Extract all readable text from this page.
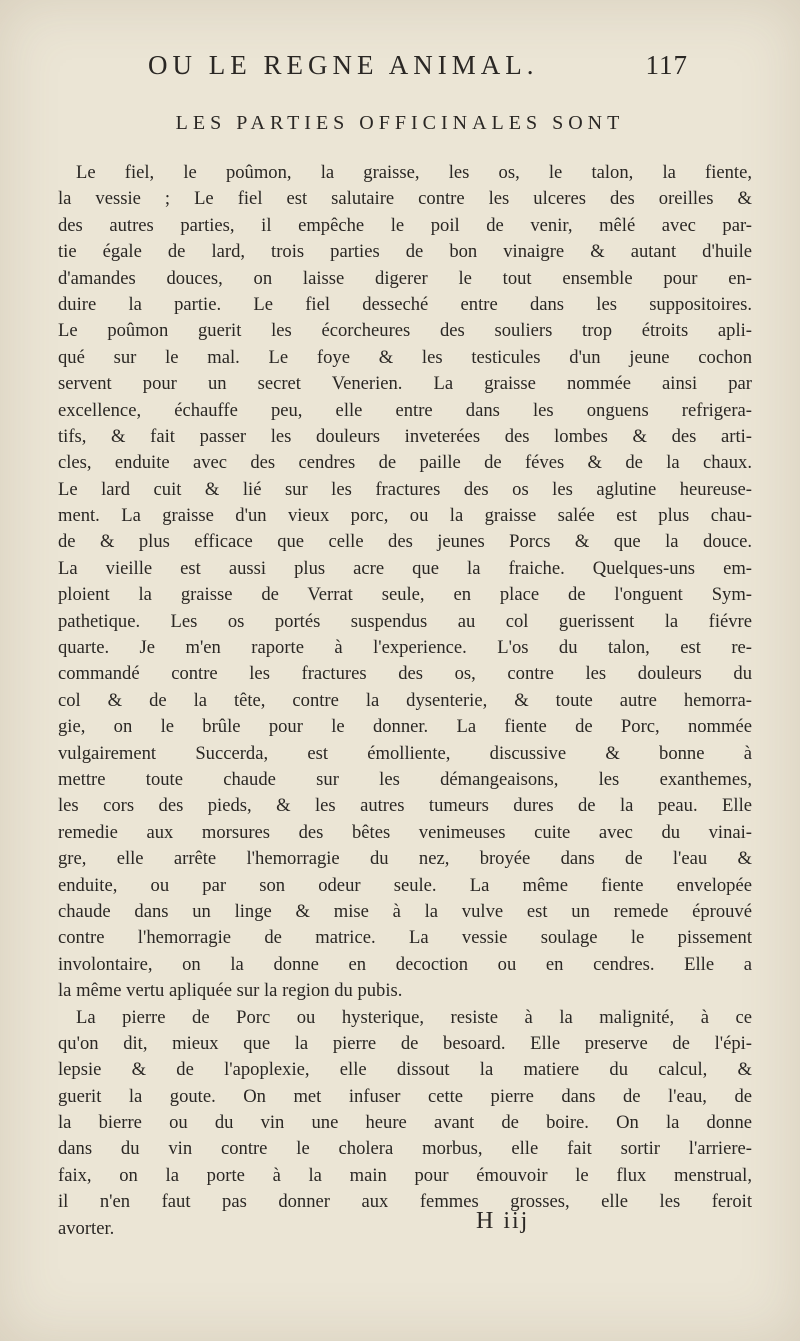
OU LE REGNE ANIMAL.	117
LES PARTIES OFFICINALES SONT
Le fiel, le poûmon, la graisse, les os, le talon, la fiente,
la vessie ; Le fiel est salutaire contre les ulceres des oreilles &
des autres parties, il empêche le poil de venir, mêlé avec par-
tie égale de lard, trois parties de bon vinaigre & autant d'huile
d'amandes douces, on laisse digerer le tout ensemble pour en-
duire la partie. Le fiel desseché entre dans les suppositoires.
Le poûmon guerit les écorcheures des souliers trop étroits apli-
qué sur le mal. Le foye & les testicules d'un jeune cochon
servent pour un secret Venerien. La graisse nommée ainsi par
excellence, échauffe peu, elle entre dans les onguens refrigera-
tifs, & fait passer les douleurs inveterées des lombes & des arti-
cles, enduite avec des cendres de paille de féves & de la chaux.
Le lard cuit & lié sur les fractures des os les aglutine heureuse-
ment. La graisse d'un vieux porc, ou la graisse salée est plus chau-
de & plus efficace que celle des jeunes Porcs & que la douce.
La vieille est aussi plus acre que la fraiche. Quelques-uns em-
ploient la graisse de Verrat seule, en place de l'onguent Sym-
pathetique. Les os portés suspendus au col guerissent la fiévre
quarte. Je m'en raporte à l'experience. L'os du talon, est re-
commandé contre les fractures des os, contre les douleurs du
col & de la tête, contre la dysenterie, & toute autre hemorra-
gie, on le brûle pour le donner. La fiente de Porc, nommée
vulgairement Succerda, est émolliente, discussive & bonne à
mettre toute chaude sur les démangeaisons, les exanthemes,
les cors des pieds, & les autres tumeurs dures de la peau. Elle
remedie aux morsures des bêtes venimeuses cuite avec du vinai-
gre, elle arrête l'hemorragie du nez, broyée dans de l'eau &
enduite, ou par son odeur seule. La même fiente envelopée
chaude dans un linge & mise à la vulve est un remede éprouvé
contre l'hemorragie de matrice. La vessie soulage le pissement
involontaire, on la donne en decoction ou en cendres. Elle a
la même vertu apliquée sur la region du pubis.
La pierre de Porc ou hysterique, resiste à la malignité, à ce
qu'on dit, mieux que la pierre de besoard. Elle preserve de l'épi-
lepsie & de l'apoplexie, elle dissout la matiere du calcul, &
guerit la goute. On met infuser cette pierre dans de l'eau, de
la bierre ou du vin une heure avant de boire. On la donne
dans du vin contre le cholera morbus, elle fait sortir l'arriere-
faix, on la porte à la main pour émouvoir le flux menstrual,
il n'en faut pas donner aux femmes grosses, elle les feroit
avorter.	H iij
